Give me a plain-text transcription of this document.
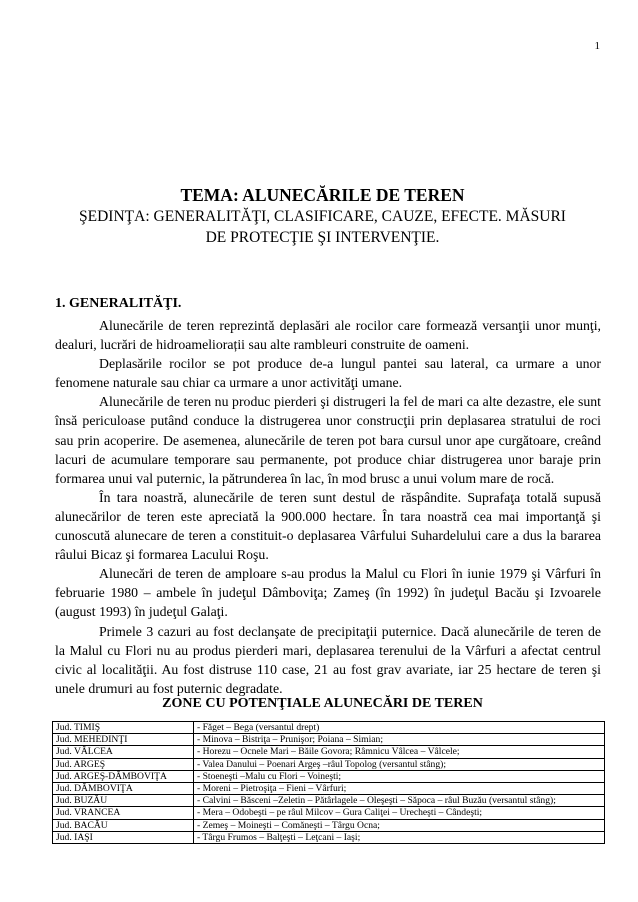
1
TEMA: ALUNECĂRILE DE TEREN
ŞEDINŢA: GENERALITĂŢI, CLASIFICARE, CAUZE, EFECTE. MĂSURI
DE PROTECŢIE ŞI INTERVENŢIE.
1. GENERALITĂŢI.

Alunecările de teren reprezintă deplasări ale rocilor care formează versanţii unor munţi, dealuri, lucrări de hidroameliorații sau alte rambleuri construite de oameni.

Deplasările rocilor se pot produce de-a lungul pantei sau lateral, ca urmare a unor fenomene naturale sau chiar ca urmare a unor activităţi umane.

Alunecările de teren nu produc pierderi şi distrugeri la fel de mari ca alte dezastre, ele sunt însă periculoase putând conduce la distrugerea unor construcţii prin deplasarea stratului de roci sau prin acoperire. De asemenea, alunecările de teren pot bara cursul unor ape curgătoare, creând lacuri de acumulare temporare sau permanente, pot produce chiar distrugerea unor baraje prin formarea unui val puternic, la pătrunderea în lac, în mod brusc a unui volum mare de rocă.

În tara noastră, alunecările de teren sunt destul de răspândite. Suprafaţa totală supusă alunecărilor de teren este apreciată la 900.000 hectare. În tara noastră cea mai importanţă şi cunoscută alunecare de teren a constituit-o deplasarea Vârfului Suhardelului care a dus la bararea râului Bicaz şi formarea Lacului Roşu.

Alunecări de teren de amploare s-au produs la Malul cu Flori în iunie 1979 şi Vârfuri în februarie 1980 – ambele în judeţul Dâmboviţa; Zameş (în 1992) în judeţul Bacău şi Izvoarele (august 1993) în judeţul Galaţi.

Primele 3 cazuri au fost declanşate de precipitaţii puternice. Dacă alunecările de teren de la Malul cu Flori nu au produs pierderi mari, deplasarea terenului de la Vârfuri a afectat centrul civic al localităţii. Au fost distruse 110 case, 21 au fost grav avariate, iar 25 hectare de teren şi unele drumuri au fost puternic degradate.

ZONE CU POTENŢIALE ALUNECĂRI DE TEREN
Jud. TIMIŞ	- Făget – Bega (versantul drept)
Jud. MEHEDINŢI	- Minova – Bistriţa – Prunişor; Poiana – Simian;
Jud. VÂLCEA	- Horezu – Ocnele Mari – Băile Govora; Râmnicu Vâlcea – Vâlcele;
Jud. ARGEŞ	- Valea Danului – Poenari Argeş –râul Topolog (versantul stâng);
Jud. ARGEŞ-DÂMBOVIŢA	- Stoeneşti –Malu cu Flori – Voineşti;
Jud. DÂMBOVIŢA	- Moreni – Pietroşiţa – Fieni – Vârfuri;
Jud. BUZĂU	- Calvini – Băsceni –Zeletin – Pătârlagele – Oleşeşti – Săpoca – râul Buzău (versantul stâng);
Jud. VRANCEA	- Mera – Odobeşti – pe râul Milcov – Gura Caliţei – Urecheşti – Cândeşti;
Jud. BACĂU	- Zemeş – Moineşti – Comăneşti – Târgu Ocna;
Jud. IAŞI	- Târgu Frumos – Balţeşti – Leţcani – Iaşi;
